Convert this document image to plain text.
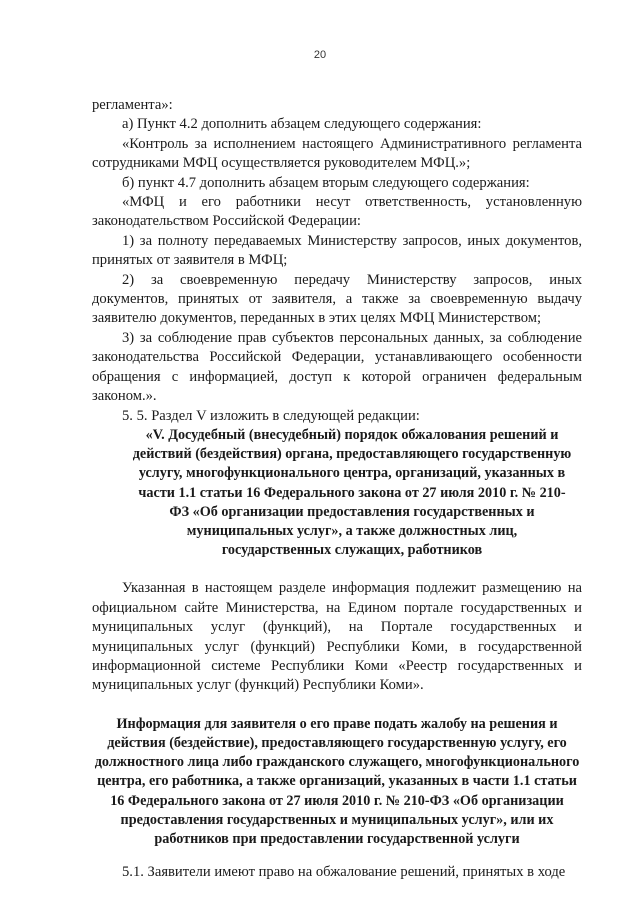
20

регламента»:

а) Пункт 4.2 дополнить абзацем следующего содержания:

«Контроль за исполнением настоящего Административного регламента сотрудниками МФЦ осуществляется руководителем МФЦ.»;

б) пункт 4.7 дополнить абзацем вторым следующего содержания:

«МФЦ и его работники несут ответственность, установленную законодательством Российской Федерации:

1) за полноту передаваемых Министерству запросов, иных документов, принятых от заявителя в МФЦ;

2) за своевременную передачу Министерству запросов, иных документов, принятых от заявителя, а также за своевременную выдачу заявителю документов, переданных в этих целях МФЦ Министерством;

3) за соблюдение прав субъектов персональных данных, за соблюдение законодательства Российской Федерации, устанавливающего особенности обращения с информацией, доступ к которой ограничен федеральным законом.».

5. 5. Раздел V изложить в следующей редакции:

«V. Досудебный (внесудебный) порядок обжалования решений и действий (бездействия) органа, предоставляющего государственную услугу, многофункционального центра, организаций, указанных в части 1.1 статьи 16 Федерального закона от 27 июля 2010 г. № 210-ФЗ «Об организации предоставления государственных и муниципальных услуг», а также должностных лиц, государственных служащих, работников

Указанная в настоящем разделе информация подлежит размещению на официальном сайте Министерства, на Едином портале государственных и муниципальных услуг (функций), на Портале государственных и муниципальных услуг (функций) Республики Коми, в государственной информационной системе Республики Коми «Реестр государственных и муниципальных услуг (функций) Республики Коми».

Информация для заявителя о его праве подать жалобу на решения и действия (бездействие), предоставляющего государственную услугу, его должностного лица либо гражданского служащего, многофункционального центра, его работника, а также организаций, указанных в части 1.1 статьи 16 Федерального закона от 27 июля 2010 г. № 210-ФЗ «Об организации предоставления государственных и муниципальных услуг», или их работников при предоставлении государственной услуги

5.1. Заявители имеют право на обжалование решений, принятых в ходе
